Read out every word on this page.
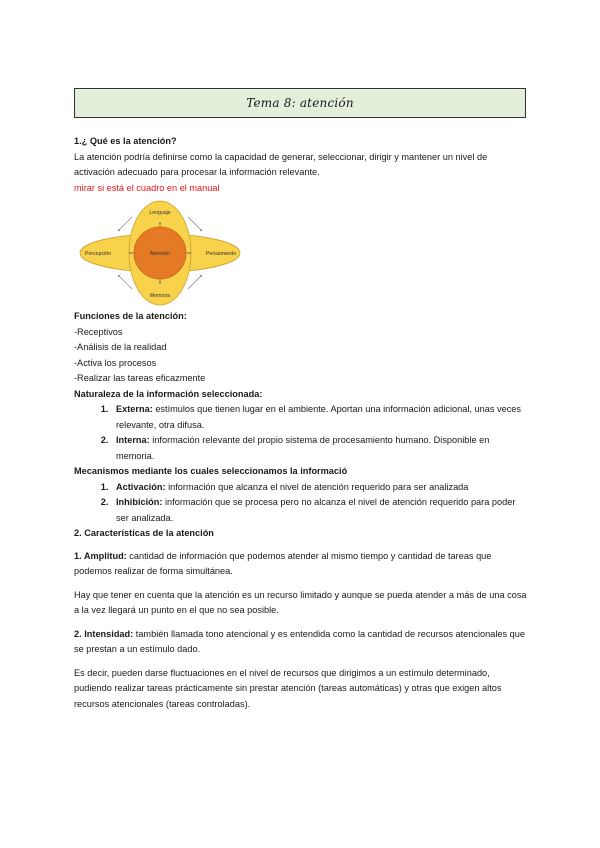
Tema 8: atención

1.¿ Qué es la atención?

La atención podría definirse como la capacidad de generar, seleccionar, dirigir y mantener un nivel de activación adecuado para procesar la información relevante.

mirar si está el cuadro en el manual

Lenguaje
Percepción	Atención	Pensamiento
Memoria

Funciones de la atención:

-Receptivos

-Análisis de la realidad

-Activa los procesos

-Realizar las tareas eficazmente

Naturaleza de la información seleccionada:

1. Externa: estímulos que tienen lugar en el ambiente. Aportan una información adicional, unas veces relevante, otra difusa.
2. Interna: información relevante del propio sistema de procesamiento humano. Disponible en memoria.

Mecanismos mediante los cuales seleccionamos la informació

1. Activación: información que alcanza el nivel de atención requerido para ser analizada
2. Inhibición: información que se procesa pero no alcanza el nivel de atención requerido para poder ser analizada.

2. Características de la atención

1. Amplitud: cantidad de información que podemos atender al mismo tiempo y cantidad de tareas que podemos realizar de forma simultánea.

Hay que tener en cuenta que la atención es un recurso limitado y aunque se pueda atender a más de una cosa a la vez llegará un punto en el que no sea posible.

2. Intensidad: también llamada tono atencional y es entendida como la cantidad de recursos atencionales que se prestan a un estímulo dado.

Es decir, pueden darse fluctuaciones en el nivel de recursos que dirigimos a un estímulo determinado, pudiendo realizar tareas prácticamente sin prestar atención (tareas automáticas) y otras que exigen altos recursos atencionales (tareas controladas).
